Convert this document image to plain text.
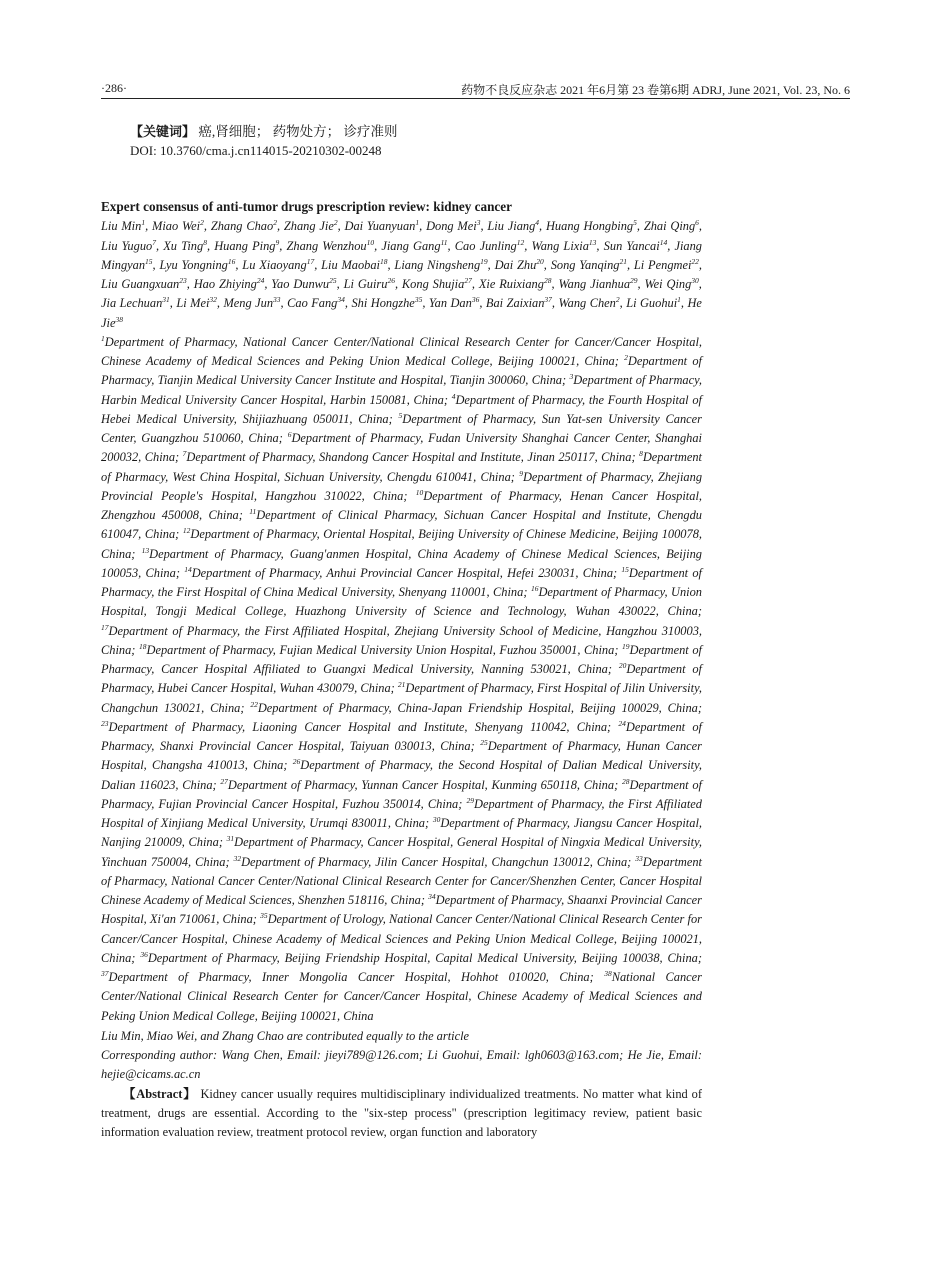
·286·	药物不良反应杂志 2021 年6月第 23 卷第6期 ADRJ, June 2021, Vol. 23, No. 6
【关键词】 癌,肾细胞； 药物处方； 诊疗准则
DOI: 10.3760/cma.j.cn114015-20210302-00248
Expert consensus of anti-tumor drugs prescription review: kidney cancer
Liu Min$^1$, Miao Wei$^2$, Zhang Chao$^2$, Zhang Jie$^2$, Dai Yuanyuan$^1$, Dong Mei$^3$, Liu Jiang$^4$, Huang Hongbing$^5$, Zhai Qing$^6$, Liu Yuguo$^7$, Xu Ting$^8$, Huang Ping$^9$, Zhang Wenzhou$^{10}$, Jiang Gang$^{11}$, Cao Junling$^{12}$, Wang Lixia$^{13}$, Sun Yancai$^{14}$, Jiang Mingyan$^{15}$, Lyu Yongning$^{16}$, Lu Xiaoyang$^{17}$, Liu Maobai$^{18}$, Liang Ningsheng$^{19}$, Dai Zhu$^{20}$, Song Yanqing$^{21}$, Li Pengmei$^{22}$, Liu Guangxuan$^{23}$, Hao Zhiying$^{24}$, Yao Dunwu$^{25}$, Li Guiru$^{26}$, Kong Shujia$^{27}$, Xie Ruixiang$^{28}$, Wang Jianhua$^{29}$, Wei Qing$^{30}$, Jia Lechuan$^{31}$, Li Mei$^{32}$, Meng Jun$^{33}$, Cao Fang$^{34}$, Shi Hongzhe$^{35}$, Yan Dan$^{36}$, Bai Zaixian$^{37}$, Wang Chen$^2$, Li Guohui$^1$, He Jie$^{38}$
$^1$Department of Pharmacy, National Cancer Center/National Clinical Research Center for Cancer/Cancer Hospital, Chinese Academy of Medical Sciences and Peking Union Medical College, Beijing 100021, China; $^2$Department of Pharmacy, Tianjin Medical University Cancer Institute and Hospital, Tianjin 300060, China; $^3$Department of Pharmacy, Harbin Medical University Cancer Hospital, Harbin 150081, China; $^4$Department of Pharmacy, the Fourth Hospital of Hebei Medical University, Shijiazhuang 050011, China; $^5$Department of Pharmacy, Sun Yat-sen University Cancer Center, Guangzhou 510060, China; $^6$Department of Pharmacy, Fudan University Shanghai Cancer Center, Shanghai 200032, China; $^7$Department of Pharmacy, Shandong Cancer Hospital and Institute, Jinan 250117, China; $^8$Department of Pharmacy, West China Hospital, Sichuan University, Chengdu 610041, China; $^9$Department of Pharmacy, Zhejiang Provincial People's Hospital, Hangzhou 310022, China; $^{10}$Department of Pharmacy, Henan Cancer Hospital, Zhengzhou 450008, China; $^{11}$Department of Clinical Pharmacy, Sichuan Cancer Hospital and Institute, Chengdu 610047, China; $^{12}$Department of Pharmacy, Oriental Hospital, Beijing University of Chinese Medicine, Beijing 100078, China; $^{13}$Department of Pharmacy, Guang'anmen Hospital, China Academy of Chinese Medical Sciences, Beijing 100053, China; $^{14}$Department of Pharmacy, Anhui Provincial Cancer Hospital, Hefei 230031, China; $^{15}$Department of Pharmacy, the First Hospital of China Medical University, Shenyang 110001, China; $^{16}$Department of Pharmacy, Union Hospital, Tongji Medical College, Huazhong University of Science and Technology, Wuhan 430022, China; $^{17}$Department of Pharmacy, the First Affiliated Hospital, Zhejiang University School of Medicine, Hangzhou 310003, China; $^{18}$Department of Pharmacy, Fujian Medical University Union Hospital, Fuzhou 350001, China; $^{19}$Department of Pharmacy, Cancer Hospital Affiliated to Guangxi Medical University, Nanning 530021, China; $^{20}$Department of Pharmacy, Hubei Cancer Hospital, Wuhan 430079, China; $^{21}$Department of Pharmacy, First Hospital of Jilin University, Changchun 130021, China; $^{22}$Department of Pharmacy, China-Japan Friendship Hospital, Beijing 100029, China; $^{23}$Department of Pharmacy, Liaoning Cancer Hospital and Institute, Shenyang 110042, China; $^{24}$Department of Pharmacy, Shanxi Provincial Cancer Hospital, Taiyuan 030013, China; $^{25}$Department of Pharmacy, Hunan Cancer Hospital, Changsha 410013, China; $^{26}$Department of Pharmacy, the Second Hospital of Dalian Medical University, Dalian 116023, China; $^{27}$Department of Pharmacy, Yunnan Cancer Hospital, Kunming 650118, China; $^{28}$Department of Pharmacy, Fujian Provincial Cancer Hospital, Fuzhou 350014, China; $^{29}$Department of Pharmacy, the First Affiliated Hospital of Xinjiang Medical University, Urumqi 830011, China; $^{30}$Department of Pharmacy, Jiangsu Cancer Hospital, Nanjing 210009, China; $^{31}$Department of Pharmacy, Cancer Hospital, General Hospital of Ningxia Medical University, Yinchuan 750004, China; $^{32}$Department of Pharmacy, Jilin Cancer Hospital, Changchun 130012, China; $^{33}$Department of Pharmacy, National Cancer Center/National Clinical Research Center for Cancer/Shenzhen Center, Cancer Hospital Chinese Academy of Medical Sciences, Shenzhen 518116, China; $^{34}$Department of Pharmacy, Shaanxi Provincial Cancer Hospital, Xi'an 710061, China; $^{35}$Department of Urology, National Cancer Center/National Clinical Research Center for Cancer/Cancer Hospital, Chinese Academy of Medical Sciences and Peking Union Medical College, Beijing 100021, China; $^{36}$Department of Pharmacy, Beijing Friendship Hospital, Capital Medical University, Beijing 100038, China; $^{37}$Department of Pharmacy, Inner Mongolia Cancer Hospital, Hohhot 010020, China; $^{38}$National Cancer Center/National Clinical Research Center for Cancer/Cancer Hospital, Chinese Academy of Medical Sciences and Peking Union Medical College, Beijing 100021, China
Liu Min, Miao Wei, and Zhang Chao are contributed equally to the article
Corresponding author: Wang Chen, Email: jieyi789@126.com; Li Guohui, Email: lgh0603@163.com; He Jie, Email: hejie@cicams.ac.cn
【Abstract】 Kidney cancer usually requires multidisciplinary individualized treatments. No matter what kind of treatment, drugs are essential. According to the "six-step process" (prescription legitimacy review, patient basic information evaluation review, treatment protocol review, organ function and laboratory
